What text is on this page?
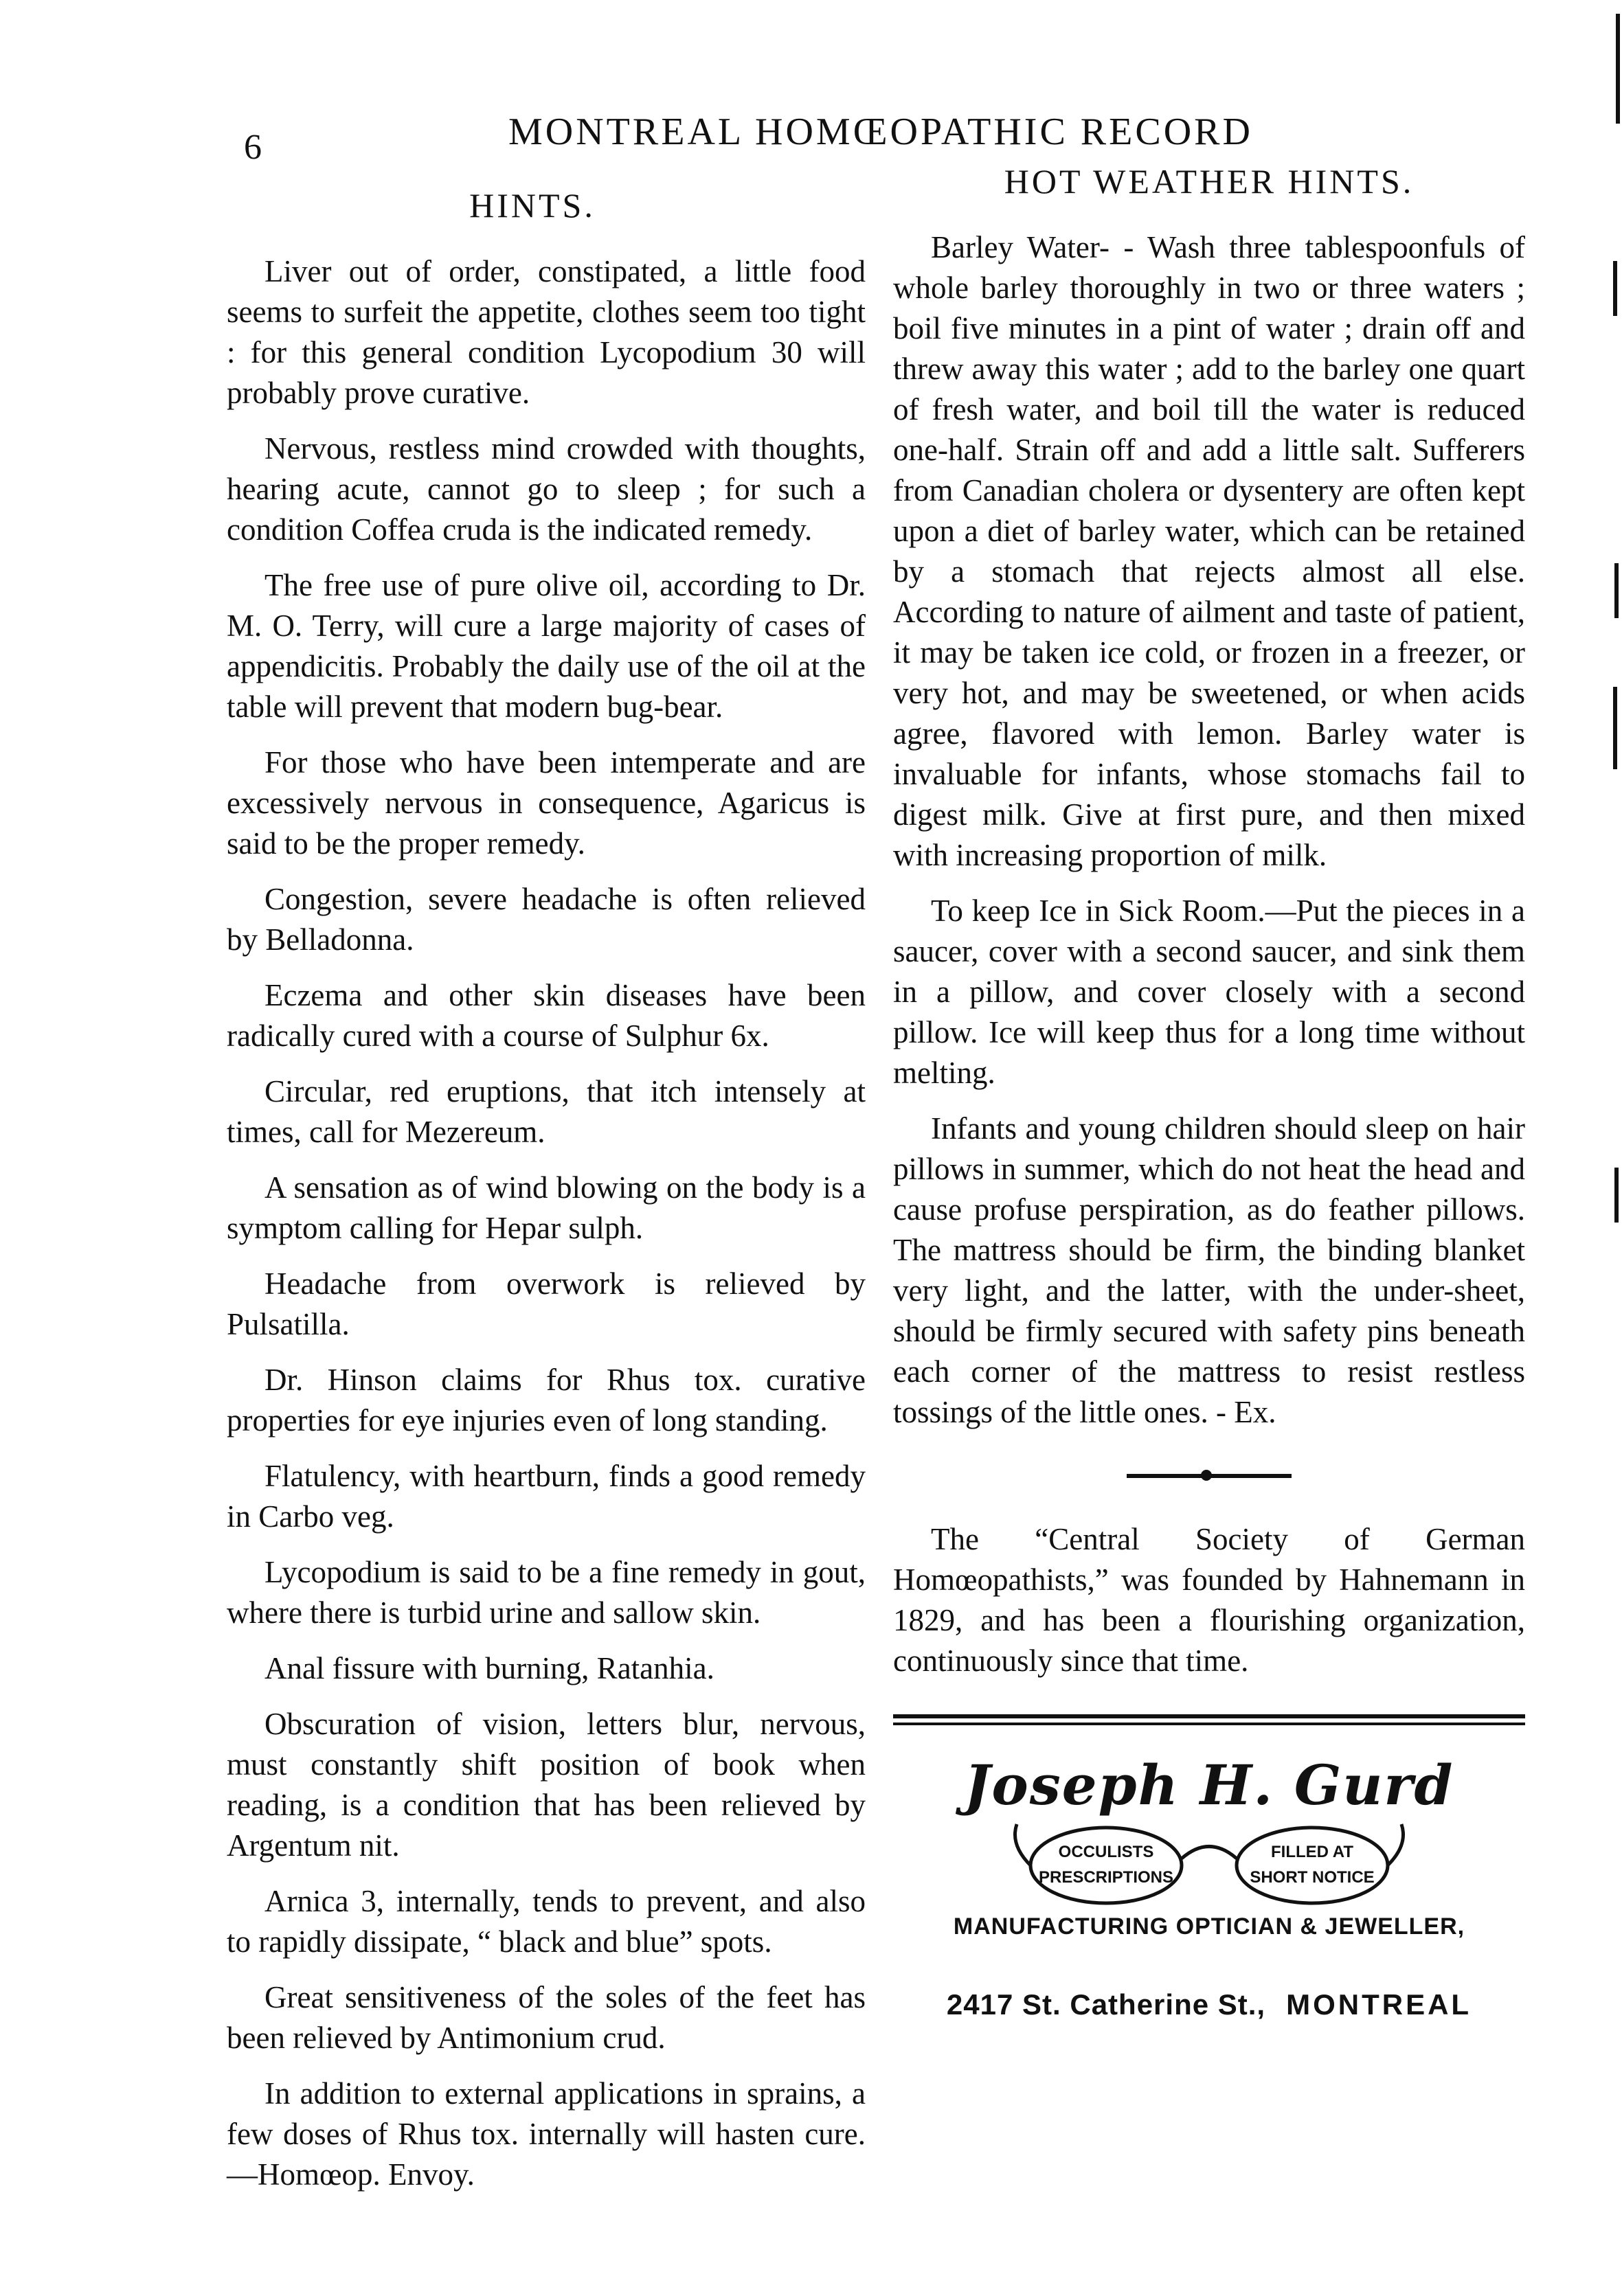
6	MONTREAL HOMŒOPATHIC RECORD
HINTS.

Liver out of order, constipated, a little food seems to surfeit the appetite, clothes seem too tight : for this general condition Lycopodium 30 will probably prove curative.

Nervous, restless mind crowded with thoughts, hearing acute, cannot go to sleep ; for such a condition Coffea cruda is the indicated remedy.

The free use of pure olive oil, according to Dr. M. O. Terry, will cure a large majority of cases of appendicitis. Probably the daily use of the oil at the table will prevent that modern bug-bear.

For those who have been intemperate and are excessively nervous in consequence, Agaricus is said to be the proper remedy.

Congestion, severe headache is often relieved by Belladonna.

Eczema and other skin diseases have been radically cured with a course of Sulphur 6x.

Circular, red eruptions, that itch intensely at times, call for Mezereum.

A sensation as of wind blowing on the body is a symptom calling for Hepar sulph.

Headache from overwork is relieved by Pulsatilla.

Dr. Hinson claims for Rhus tox. curative properties for eye injuries even of long standing.

Flatulency, with heartburn, finds a good remedy in Carbo veg.

Lycopodium is said to be a fine remedy in gout, where there is turbid urine and sallow skin.

Anal fissure with burning, Ratanhia.

Obscuration of vision, letters blur, nervous, must constantly shift position of book when reading, is a condition that has been relieved by Argentum nit.

Arnica 3, internally, tends to prevent, and also to rapidly dissipate, “ black and blue” spots.

Great sensitiveness of the soles of the feet has been relieved by Antimonium crud.

In addition to external applications in sprains, a few doses of Rhus tox. internally will hasten cure.—Homœop. Envoy.

HOT WEATHER HINTS.

Barley Water- - Wash three tablespoonfuls of whole barley thoroughly in two or three waters ; boil five minutes in a pint of water ; drain off and threw away this water ; add to the barley one quart of fresh water, and boil till the water is reduced one-half. Strain off and add a little salt. Sufferers from Canadian cholera or dysentery are often kept upon a diet of barley water, which can be retained by a stomach that rejects almost all else. According to nature of ailment and taste of patient, it may be taken ice cold, or frozen in a freezer, or very hot, and may be sweetened, or when acids agree, flavored with lemon. Barley water is invaluable for infants, whose stomachs fail to digest milk. Give at first pure, and then mixed with increasing proportion of milk.

To keep Ice in Sick Room.—Put the pieces in a saucer, cover with a second saucer, and sink them in a pillow, and cover closely with a second pillow. Ice will keep thus for a long time without melting.

Infants and young children should sleep on hair pillows in summer, which do not heat the head and cause profuse perspiration, as do feather pillows. The mattress should be firm, the binding blanket very light, and the latter, with the under-sheet, should be firmly secured with safety pins beneath each corner of the mattress to resist restless tossings of the little ones. - Ex.

The “Central Society of German Homœopathists,” was founded by Hahnemann in 1829, and has been a flourishing organization, continuously since that time.

Joseph H. Gurd
OCCULISTS
PRESCRIPTIONS
FILLED AT
SHORT NOTICE
MANUFACTURING OPTICIAN & JEWELLER,
2417 St. Catherine St., MONTREAL
